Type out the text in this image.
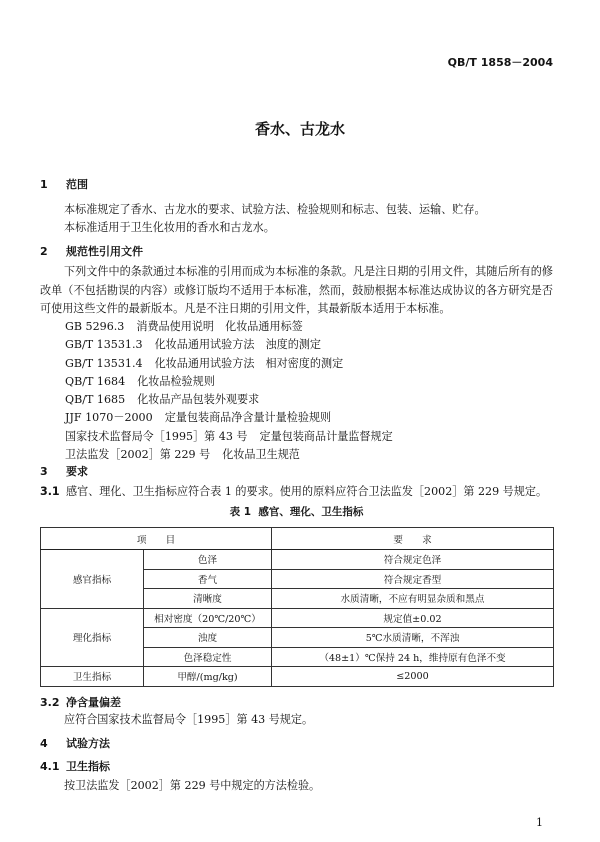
QB/T 1858－2004
香水、古龙水
1 范围
本标准规定了香水、古龙水的要求、试验方法、检验规则和标志、包装、运输、贮存。
本标准适用于卫生化妆用的香水和古龙水。
2 规范性引用文件
下列文件中的条款通过本标准的引用而成为本标准的条款。凡是注日期的引用文件，其随后所有的修改单（不包括勘误的内容）或修订版均不适用于本标准，然而，鼓励根据本标准达成协议的各方研究是否可使用这些文件的最新版本。凡是不注日期的引用文件，其最新版本适用于本标准。
GB 5296.3 消费品使用说明　化妆品通用标签
GB/T 13531.3 化妆品通用试验方法　浊度的测定
GB/T 13531.4 化妆品通用试验方法　相对密度的测定
QB/T 1684 化妆品检验规则
QB/T 1685 化妆品产品包装外观要求
JJF 1070－2000 定量包装商品净含量计量检验规则
国家技术监督局令［1995］第 43 号 定量包装商品计量监督规定
卫法监发［2002］第 229 号 化妆品卫生规范
3 要求
3.1 感官、理化、卫生指标应符合表 1 的要求。使用的原料应符合卫法监发［2002］第 229 号规定。
表 1 感官、理化、卫生指标
项　　目		要　　求
感官指标	色泽	符合规定色泽
	香气	符合规定香型
	清晰度	水质清晰，不应有明显杂质和黑点
理化指标	相对密度（20℃/20℃）	规定值±0.02
	浊度	5℃水质清晰，不浑浊
	色泽稳定性	（48±1）℃保持 24 h，维持原有色泽不变
卫生指标	甲醇/(mg/kg)	≤2000
3.2 净含量偏差
应符合国家技术监督局令［1995］第 43 号规定。
4 试验方法
4.1 卫生指标
按卫法监发［2002］第 229 号中规定的方法检验。
1
